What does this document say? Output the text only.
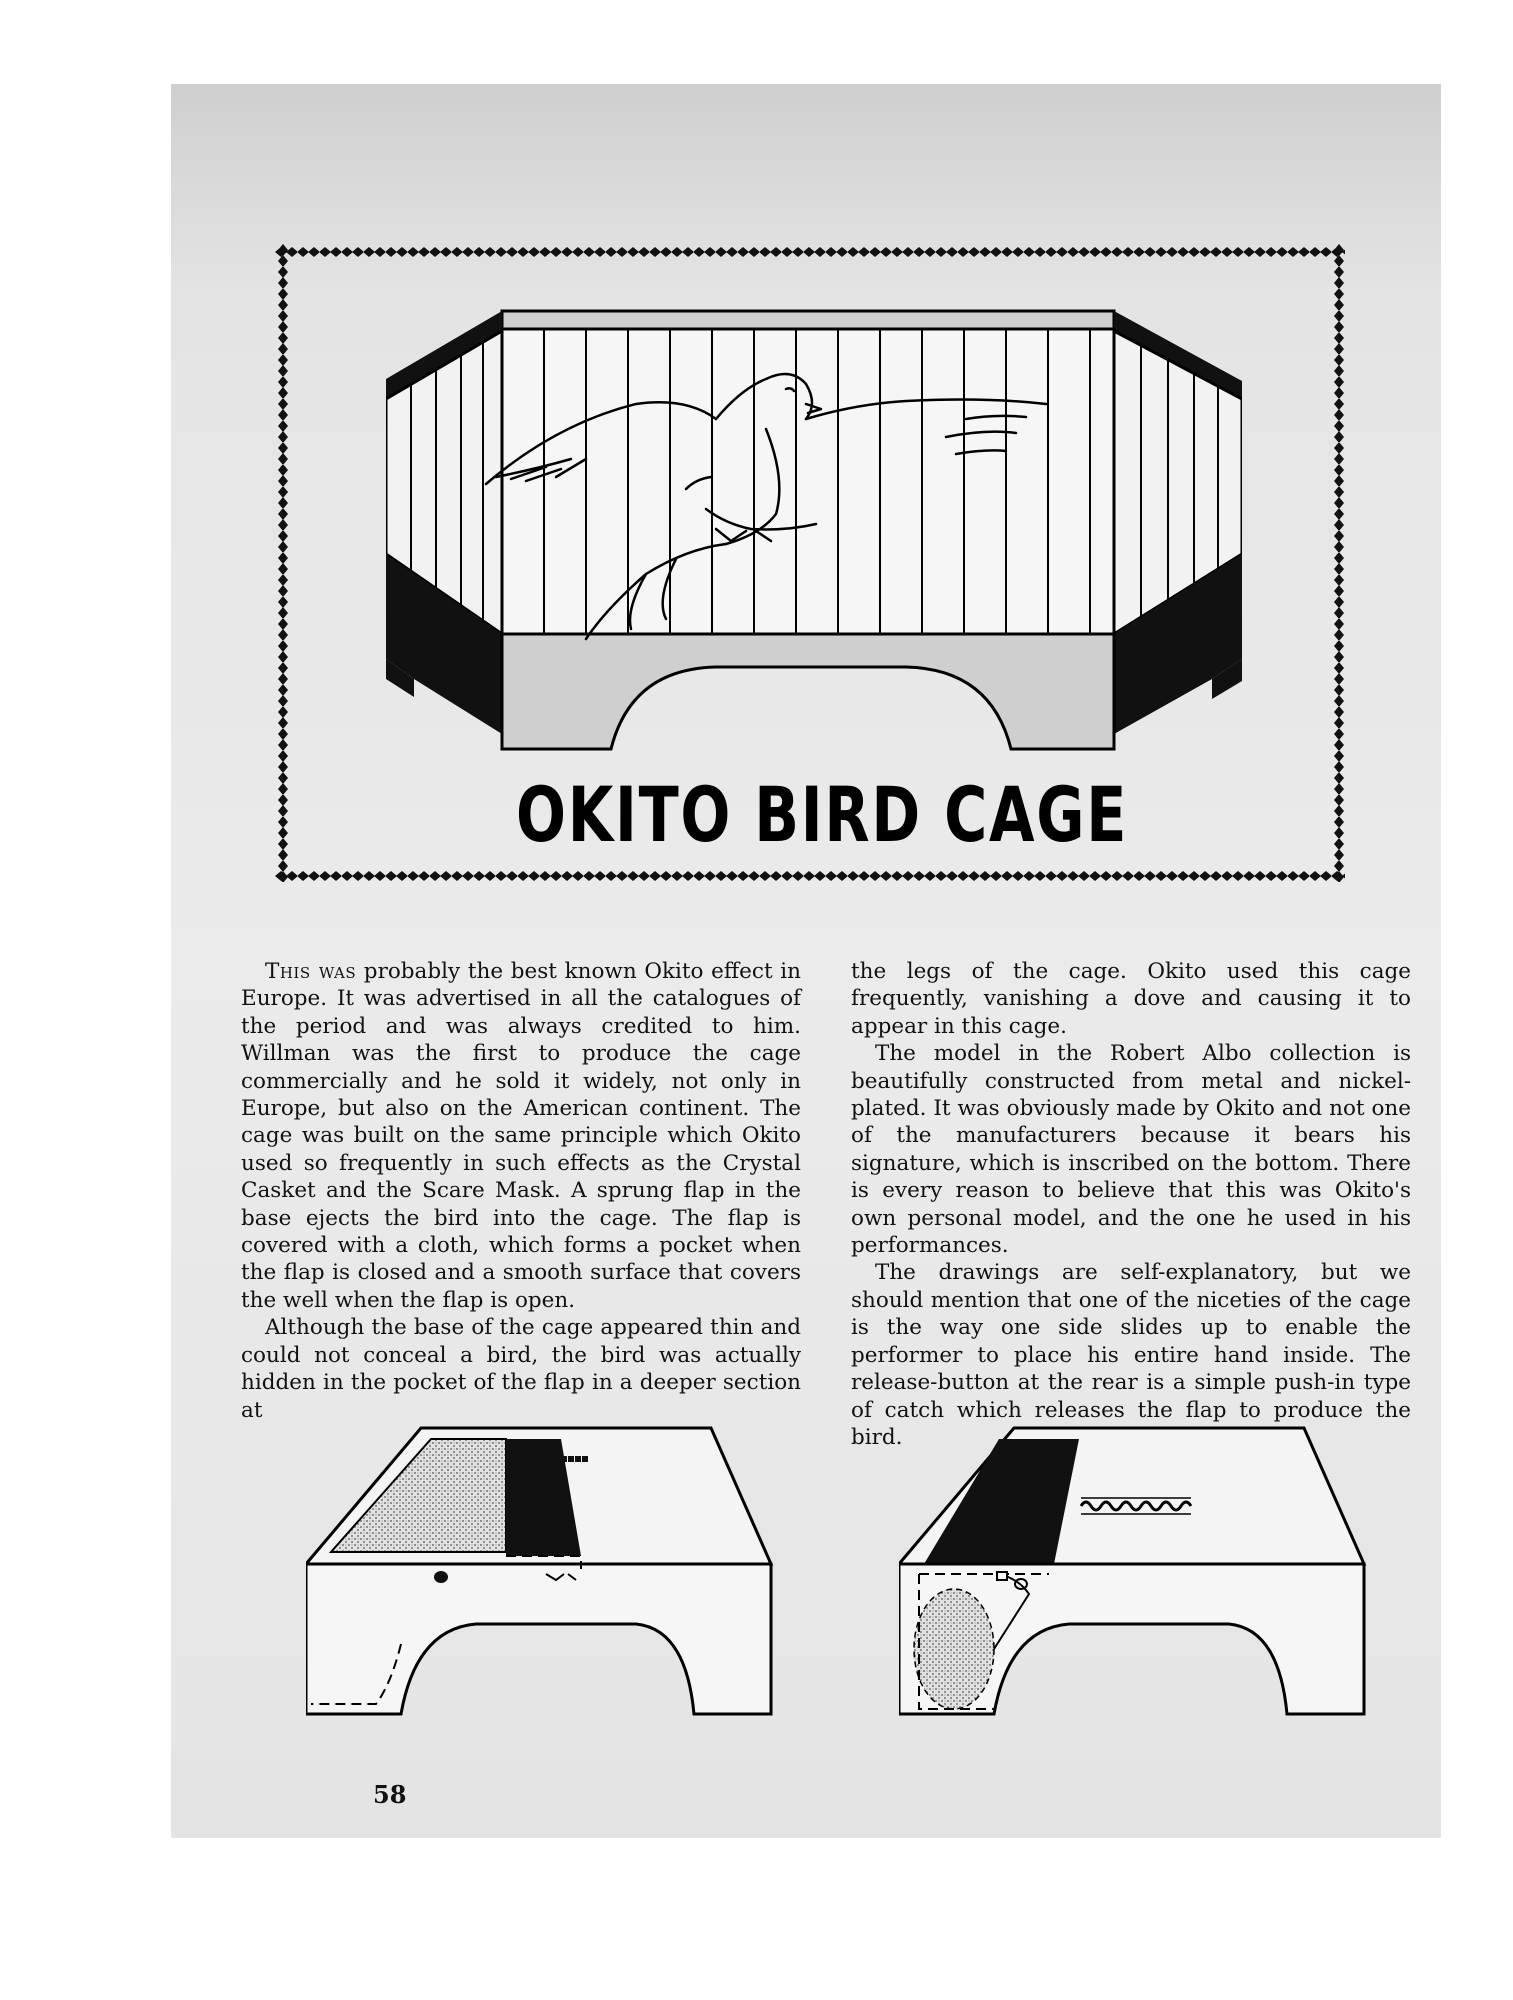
OKITO BIRD CAGE

This was probably the best known Okito effect in Europe. It was advertised in all the catalogues of the period and was always credited to him. Willman was the first to produce the cage commercially and he sold it widely, not only in Europe, but also on the American continent. The cage was built on the same principle which Okito used so frequently in such effects as the Crystal Casket and the Scare Mask. A sprung flap in the base ejects the bird into the cage. The flap is covered with a cloth, which forms a pocket when the flap is closed and a smooth surface that covers the well when the flap is open.

Although the base of the cage appeared thin and could not conceal a bird, the bird was actually hidden in the pocket of the flap in a deeper section at

the legs of the cage. Okito used this cage frequently, vanishing a dove and causing it to appear in this cage.

The model in the Robert Albo collection is beautifully constructed from metal and nickel-plated. It was obviously made by Okito and not one of the manufacturers because it bears his signature, which is inscribed on the bottom. There is every reason to believe that this was Okito's own personal model, and the one he used in his performances.

The drawings are self-explanatory, but we should mention that one of the niceties of the cage is the way one side slides up to enable the performer to place his entire hand inside. The release-button at the rear is a simple push-in type of catch which releases the flap to produce the bird.

58
